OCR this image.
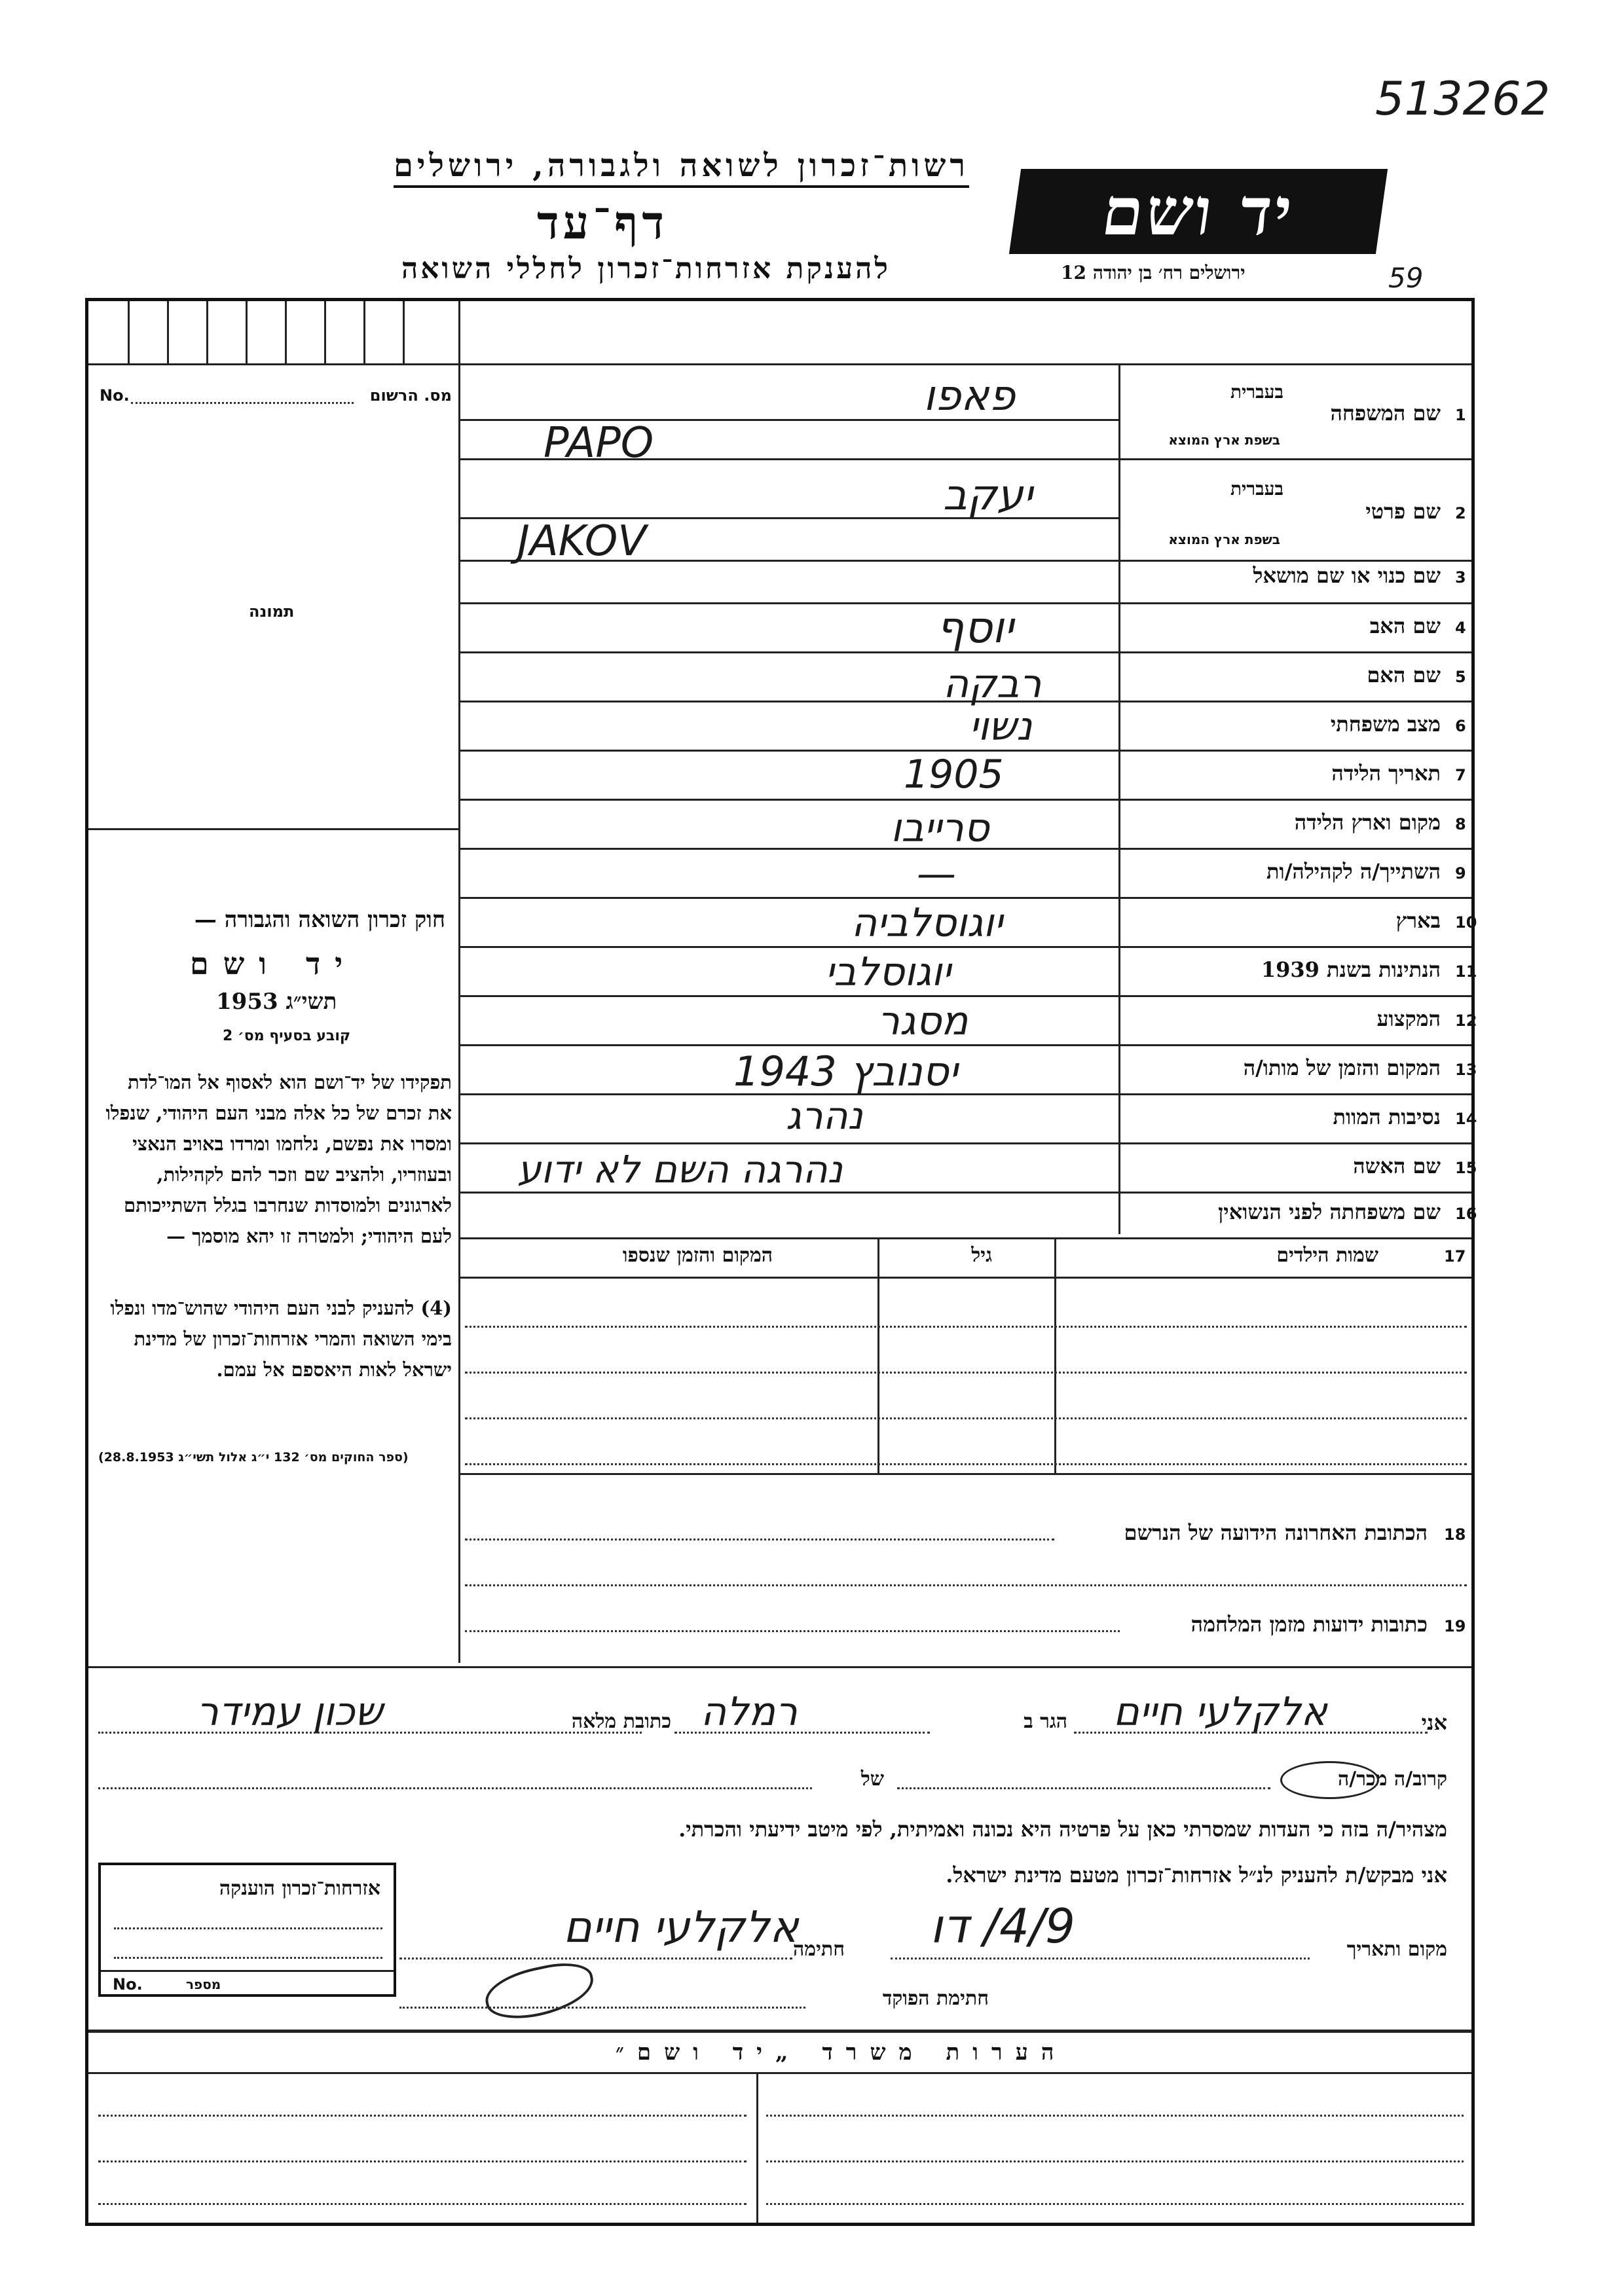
513262
רשות־זכרון לשואה ולגבורה, ירושלים
דף־עד
להענקת אזרחות־זכרון לחללי השואה
יד ושם
ירושלים רח׳ בן יהודה 12	59
No.	מס. הרשום
תמונה
חוק זכרון השואה והגבורה —
יד ושם
תשי״ג 1953
קובע בסעיף מס׳ 2
תפקידו של יד־ושם הוא לאסוף אל המו־לדת את זכרם של כל אלה מבני העם היהודי, שנפלו ומסרו את נפשם, נלחמו ומרדו באויב הנאצי ובעוזריו, ולהציב שם וזכר להם לקהילות, לארגונים ולמוסדות שנחרבו בגלל השתייכותם לעם היהודי; ולמטרה זו יהא מוסמך —
(4) להעניק לבני העם היהודי שהוש־מדו ונפלו בימי השואה והמרי אזרחות־זכרון של מדינת ישראל לאות היאספם אל עמם.
(ספר החוקים מס׳ 132 י״ג אלול תשי״ג 28.8.1953)
1
שם המשפחה
בעברית
בשפת ארץ המוצא
פאפו
PAPO
2
שם פרטי
בעברית
בשפת ארץ המוצא
יעקב
JAKOV
3
שם כנוי או שם מושאל
4
שם האב
יוסף
5
שם האם
רבקה
6
מצב משפחתי
נשוי
7
תאריך הלידה
1905
8
מקום וארץ הלידה
סרייבו
9
השתייך/ה לקהילה/ות
—
10
בארץ
יוגוסלביה
11
הנתינות בשנת 1939
יוגוסלבי
12
המקצוע
מסגר
13
המקום והזמן של מותו/ה
יסנובץ 1943
14
נסיבות המוות
נהרג
15
שם האשה
נהרגה השם לא ידוע
16
שם משפחתה לפני הנשואין
17
שמות הילדים
גיל
המקום והזמן שנספו
18
הכתובת האחרונה הידועה של הנרשם
19
כתובות ידועות מזמן המלחמה
אני
אלקלעי חיים
הגר ב
רמלה
כתובת מלאה
שכון עמידר
קרוב/ה מכר/ה
של
מצהיר/ה בזה כי העדות שמסרתי כאן על פרטיה היא נכונה ואמיתית, לפי מיטב ידיעתי והכרתי.
אני מבקש/ת להעניק לנ״ל אזרחות־זכרון מטעם מדינת ישראל.
מקום ותאריך
4/9/ דו
חתימה
אלקלעי חיים
חתימת הפוקד
אזרחות־זכרון הוענקה
No.	מספר
הערות משרד „יד ושם״
